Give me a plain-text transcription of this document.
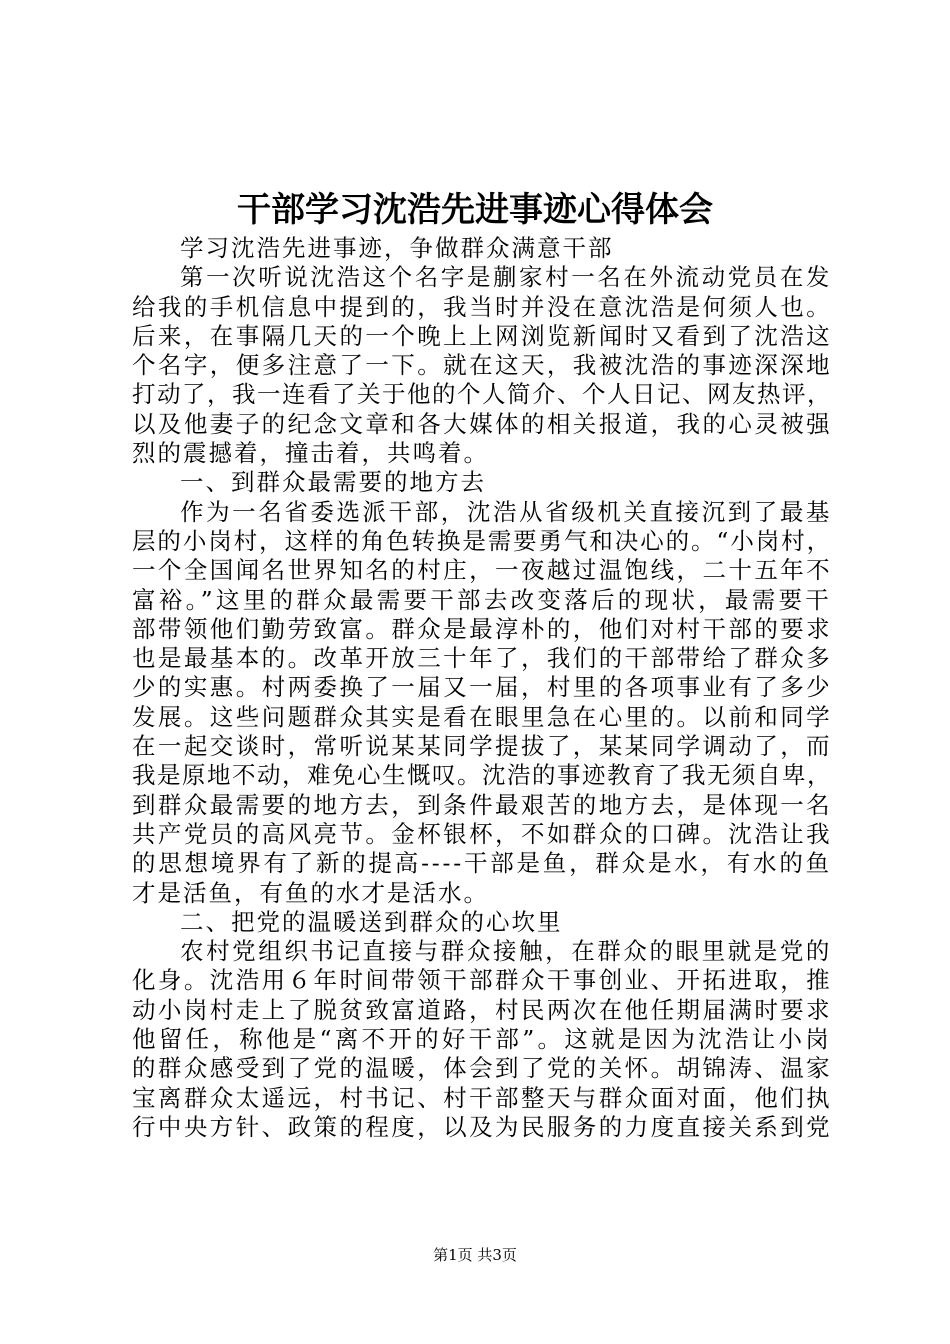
干部学习沈浩先进事迹心得体会
学习沈浩先进事迹，争做群众满意干部
第一次听说沈浩这个名字是蒯家村一名在外流动党员在发
给我的手机信息中提到的，我当时并没在意沈浩是何须人也。
后来，在事隔几天的一个晚上上网浏览新闻时又看到了沈浩这
个名字，便多注意了一下。就在这天，我被沈浩的事迹深深地
打动了，我一连看了关于他的个人简介、个人日记、网友热评，
以及他妻子的纪念文章和各大媒体的相关报道，我的心灵被强
烈的震撼着，撞击着，共鸣着。
一、到群众最需要的地方去
作为一名省委选派干部，沈浩从省级机关直接沉到了最基
层的小岗村，这样的角色转换是需要勇气和决心的。“小岗村，
一个全国闻名世界知名的村庄，一夜越过温饱线，二十五年不
富裕。”这里的群众最需要干部去改变落后的现状，最需要干
部带领他们勤劳致富。群众是最淳朴的，他们对村干部的要求
也是最基本的。改革开放三十年了，我们的干部带给了群众多
少的实惠。村两委换了一届又一届，村里的各项事业有了多少
发展。这些问题群众其实是看在眼里急在心里的。以前和同学
在一起交谈时，常听说某某同学提拔了，某某同学调动了，而
我是原地不动，难免心生慨叹。沈浩的事迹教育了我无须自卑，
到群众最需要的地方去，到条件最艰苦的地方去，是体现一名
共产党员的高风亮节。金杯银杯，不如群众的口碑。沈浩让我
的思想境界有了新的提高----干部是鱼，群众是水，有水的鱼
才是活鱼，有鱼的水才是活水。
二、把党的温暖送到群众的心坎里
农村党组织书记直接与群众接触，在群众的眼里就是党的
化身。沈浩用６年时间带领干部群众干事创业、开拓进取，推
动小岗村走上了脱贫致富道路，村民两次在他任期届满时要求
他留任，称他是“离不开的好干部”。这就是因为沈浩让小岗
的群众感受到了党的温暖，体会到了党的关怀。胡锦涛、温家
宝离群众太遥远，村书记、村干部整天与群众面对面，他们执
行中央方针、政策的程度，以及为民服务的力度直接关系到党
第1页 共3页
